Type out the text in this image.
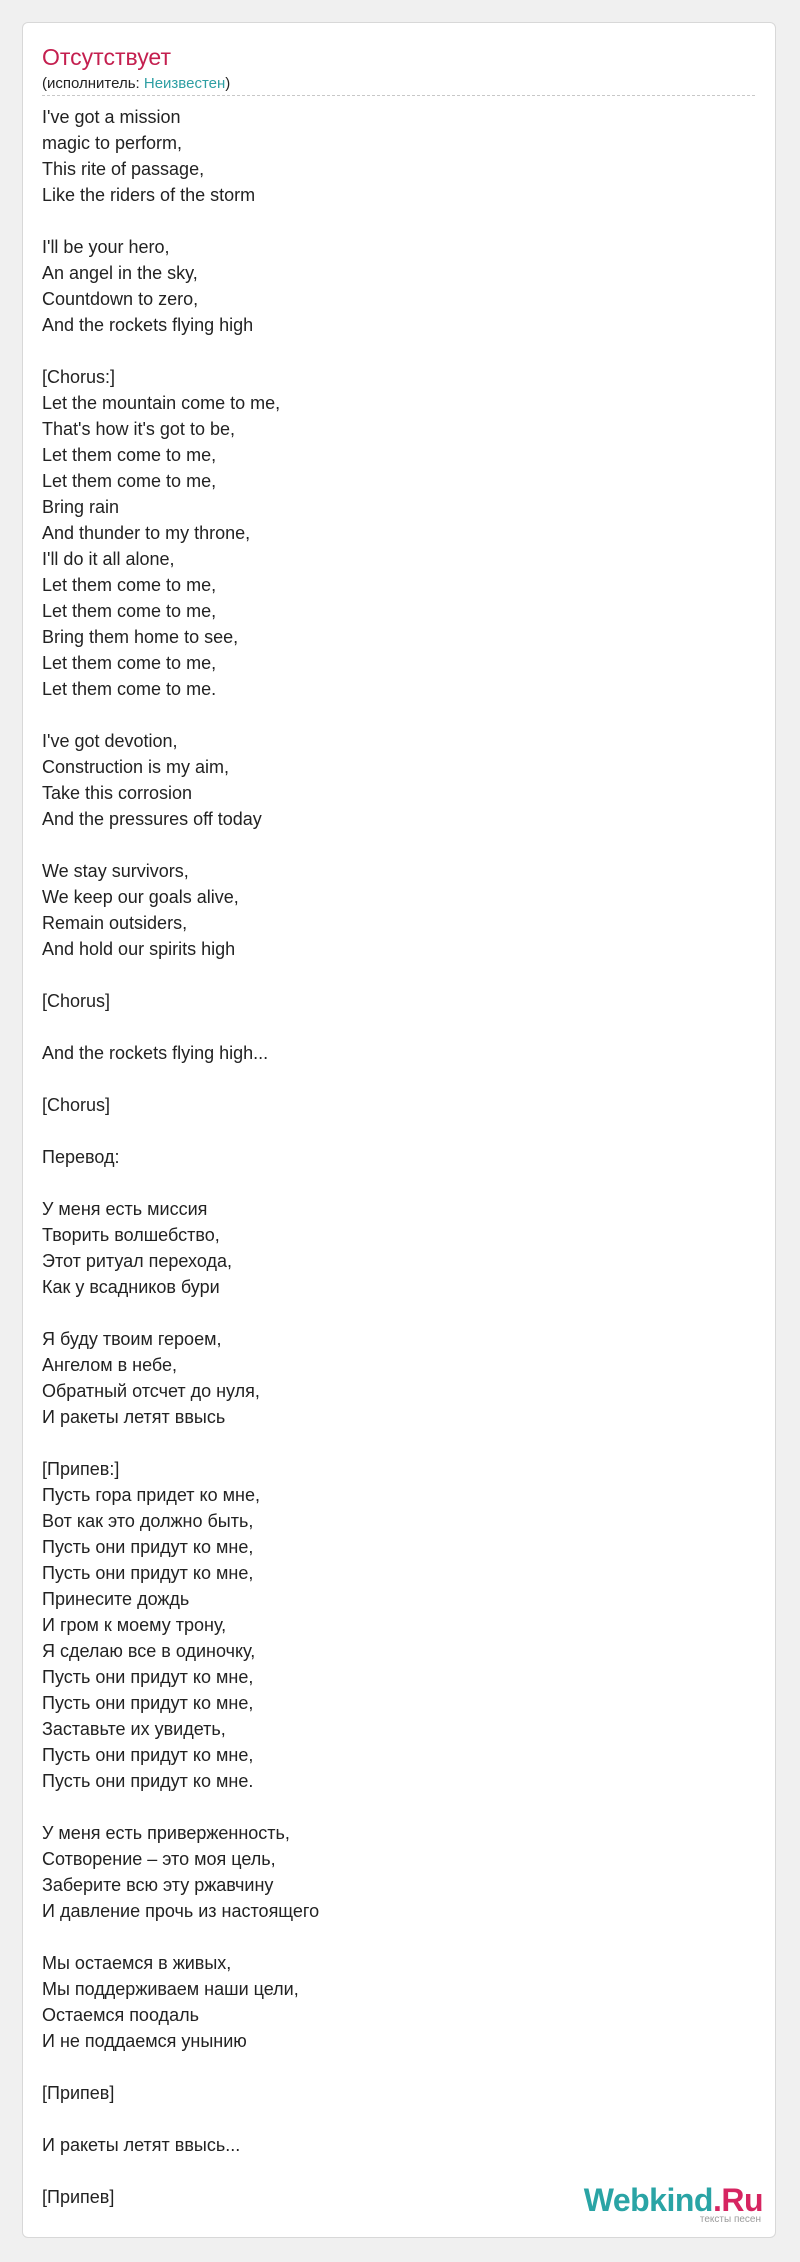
Отсутствует
(исполнитель: Неизвестен)
I've got a mission
magic to perform,
This rite of passage,
Like the riders of the storm
I'll be your hero,
An angel in the sky,
Countdown to zero,
And the rockets flying high
[Chorus:]
Let the mountain come to me,
That's how it's got to be,
Let them come to me,
Let them come to me,
Bring rain
And thunder to my throne,
I'll do it all alone,
Let them come to me,
Let them come to me,
Bring them home to see,
Let them come to me,
Let them come to me.
I've got devotion,
Construction is my aim,
Take this corrosion
And the pressures off today
We stay survivors,
We keep our goals alive,
Remain outsiders,
And hold our spirits high
[Chorus]
And the rockets flying high...
[Chorus]
Перевод:
У меня есть миссия
Творить волшебство,
Этот ритуал перехода,
Как у всадников бури
Я буду твоим героем,
Ангелом в небе,
Обратный отсчет до нуля,
И ракеты летят ввысь
[Припев:]
Пусть гора придет ко мне,
Вот как это должно быть,
Пусть они придут ко мне,
Пусть они придут ко мне,
Принесите дождь
И гром к моему трону,
Я сделаю все в одиночку,
Пусть они придут ко мне,
Пусть они придут ко мне,
Заставьте их увидеть,
Пусть они придут ко мне,
Пусть они придут ко мне.
У меня есть приверженность,
Сотворение – это моя цель,
Заберите всю эту ржавчину
И давление прочь из настоящего
Мы остаемся в живых,
Мы поддерживаем наши цели,
Остаемся поодаль
И не поддаемся унынию
[Припев]
И ракеты летят ввысь...
[Припев]	Webkind.Ru
тексты песен
